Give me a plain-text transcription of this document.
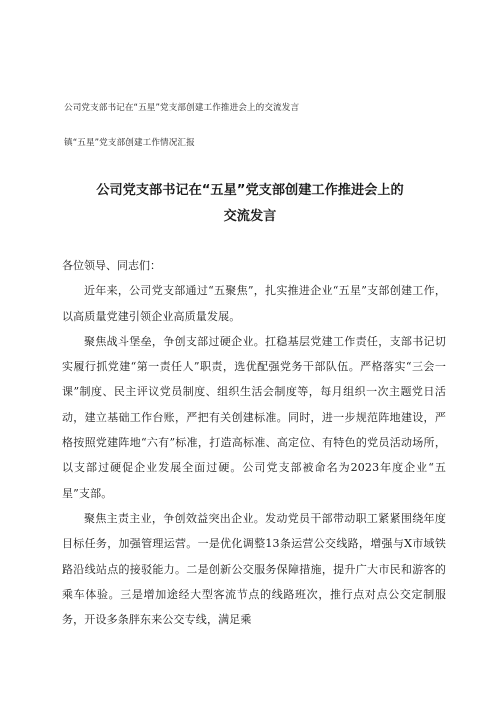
公司党支部书记在“五星”党支部创建工作推进会上的交流发言
镇“五星”党支部创建工作情况汇报
公司党支部书记在“五星”党支部创建工作推进会上的
交流发言
各位领导、同志们：
近年来，公司党支部通过“五聚焦”，扎实推进企业“五星”支部创建工作，以高质量党建引领企业高质量发展。
聚焦战斗堡垒，争创支部过硬企业。扛稳基层党建工作责任，支部书记切实履行抓党建“第一责任人”职责，选优配强党务干部队伍。严格落实“三会一课”制度、民主评议党员制度、组织生活会制度等，每月组织一次主题党日活动，建立基础工作台账，严把有关创建标准。同时，进一步规范阵地建设，严格按照党建阵地“六有”标准，打造高标准、高定位、有特色的党员活动场所，以支部过硬促企业发展全面过硬。公司党支部被命名为2023年度企业“五星”支部。
聚焦主责主业，争创效益突出企业。发动党员干部带动职工紧紧围绕年度目标任务，加强管理运营。一是优化调整13条运营公交线路，增强与X市域铁路沿线站点的接驳能力。二是创新公交服务保障措施，提升广大市民和游客的乘车体验。三是增加途经大型客流节点的线路班次，推行点对点公交定制服务，开设多条胖东来公交专线，满足乘
